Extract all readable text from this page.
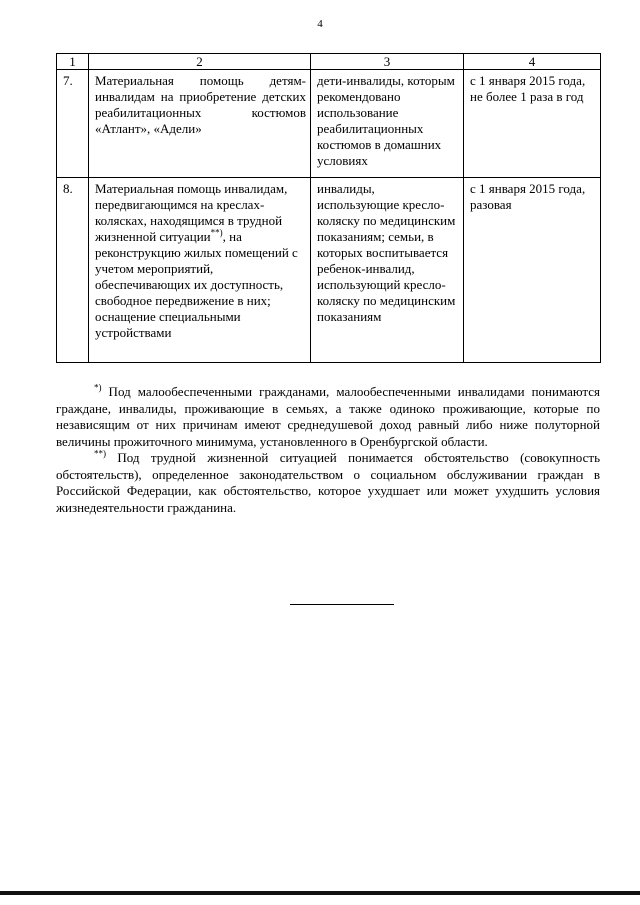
4
1	2	3	4
7.	Материальная помощь детям-инвалидам на приобретение детских реабилитационных костюмов «Атлант», «Адели»	дети-инвалиды, которым рекомендовано использование реабилитационных костюмов в домашних условиях	с 1 января 2015 года, не более 1 раза в год
8.	Материальная помощь инвалидам, передвигающимся на креслах-колясках, находящимся в трудной жизненной ситуации**), на реконструкцию жилых помещений с учетом мероприятий, обеспечивающих их доступность, свободное передвижение в них; оснащение специальными устройствами	инвалиды, использующие кресло-коляску по медицинским показаниям; семьи, в которых воспитывается ребенок-инвалид, использующий кресло-коляску по медицинским показаниям	с 1 января 2015 года, разовая

*) Под малообеспеченными гражданами, малообеспеченными инвалидами понимаются граждане, инвалиды, проживающие в семьях, а также одиноко проживающие, которые по независящим от них причинам имеют среднедушевой доход равный либо ниже полуторной величины прожиточного минимума, установленного в Оренбургской области.

**) Под трудной жизненной ситуацией понимается обстоятельство (совокупность обстоятельств), определенное законодательством о социальном обслуживании граждан в Российской Федерации, как обстоятельство, которое ухудшает или может ухудшить условия жизнедеятельности гражданина.
